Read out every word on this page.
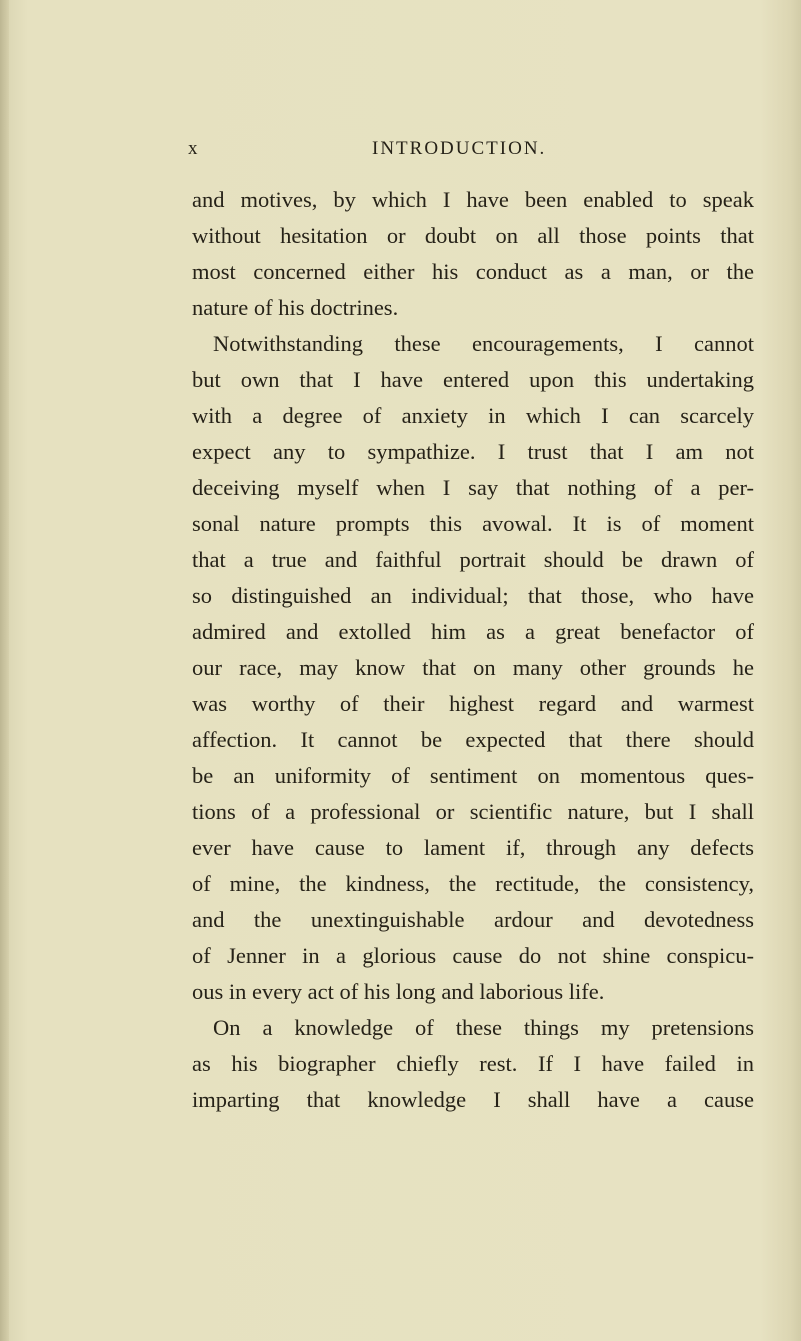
x	INTRODUCTION.
and motives, by which I have been enabled to speak
without hesitation or doubt on all those points that
most concerned either his conduct as a man, or the
nature of his doctrines.
Notwithstanding these encouragements, I cannot
but own that I have entered upon this undertaking
with a degree of anxiety in which I can scarcely
expect any to sympathize. I trust that I am not
deceiving myself when I say that nothing of a per-
sonal nature prompts this avowal. It is of moment
that a true and faithful portrait should be drawn of
so distinguished an individual; that those, who have
admired and extolled him as a great benefactor of
our race, may know that on many other grounds he
was worthy of their highest regard and warmest
affection. It cannot be expected that there should
be an uniformity of sentiment on momentous ques-
tions of a professional or scientific nature, but I shall
ever have cause to lament if, through any defects
of mine, the kindness, the rectitude, the consistency,
and the unextinguishable ardour and devotedness
of Jenner in a glorious cause do not shine conspicu-
ous in every act of his long and laborious life.
On a knowledge of these things my pretensions
as his biographer chiefly rest. If I have failed in
imparting that knowledge I shall have a cause
